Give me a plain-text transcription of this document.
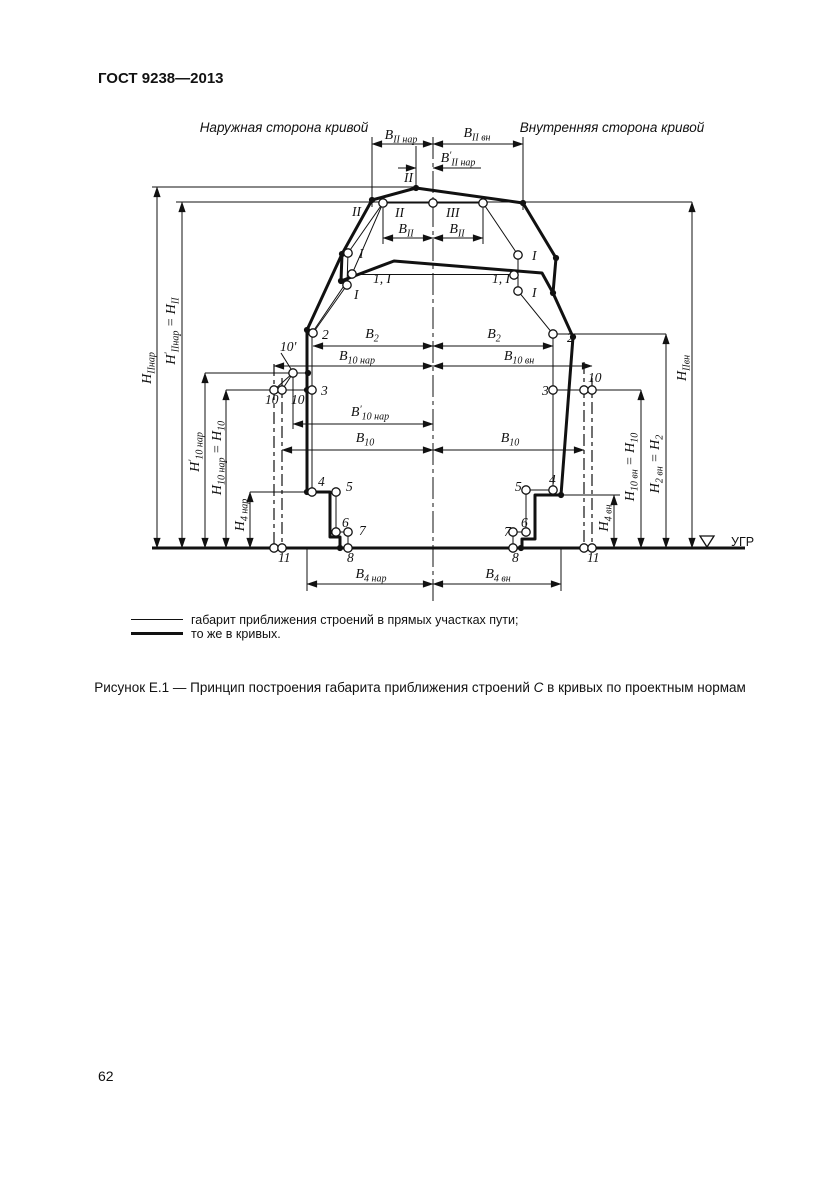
ГОСТ 9238—2013
Наружная сторона кривой	Внутренняя сторона кривой
II	II	III
II
I
1, I
I
I
1, I
I
2	2
3	3
10'
10 10
10
4 5
6
7
8
11
4
5
6
7
8	11
УГР
$В_{II нар}$	$В_{II вн}$
$В'_{II нар}$
$В_{II}$	$В_{II}$
$В_2$	$В_2$
$В_{10 нар}$	$В_{10 вн}$
$В'_{10 нар}$
$В_{10}$	$В_{10}$
$В_{4 нар}$	$В_{4 вн}$
$Н_{IIнар}$ $Н'_{IIнар} = Н_{II}$
$Н'_{10 нар}$
$Н_{10 нар} = Н_{10}$
$Н_{4 нар}$
$Н_{4 вн}$
$Н_{10 вн} = Н_{10}$
$Н_{2 вн} = Н_2$
$Н_{IIвн}$
габарит приближения строений в прямых участках пути;
то же в кривых.
Рисунок Е.1 — Принцип построения габарита приближения строений С в кривых по проектным нормам
62
